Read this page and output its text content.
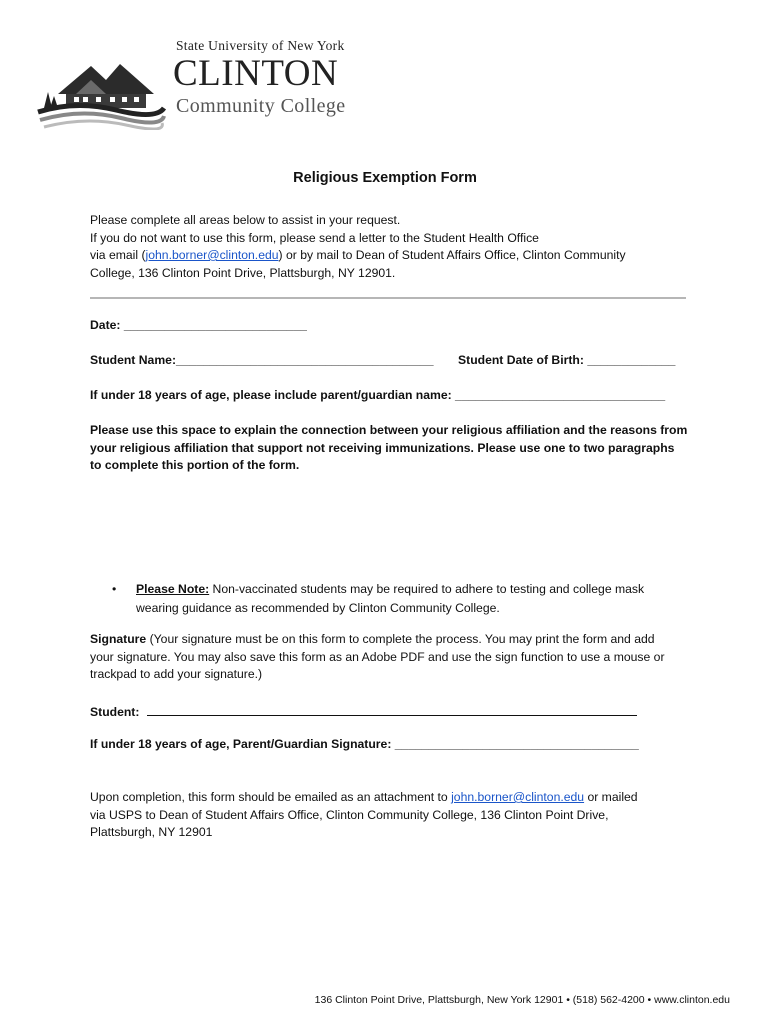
State University of New York
CLINTON
Community College
Religious Exemption Form

Please complete all areas below to assist in your request.

If you do not want to use this form, please send a letter to the Student Health Office

via email (john.borner@clinton.edu) or by mail to Dean of Student Affairs Office, Clinton Community

College, 136 Clinton Point Drive, Plattsburgh, NY 12901.

Date: ___________________________
Student Name:______________________________________ Student Date of Birth: _____________
If under 18 years of age, please include parent/guardian name: _______________________________

Please use this space to explain the connection between your religious affiliation and the reasons from

your religious affiliation that support not receiving immunizations. Please use one to two paragraphs

to complete this portion of the form.

• Please Note: Non-vaccinated students may be required to adhere to testing and college mask
wearing guidance as recommended by Clinton Community College.

Signature (Your signature must be on this form to complete the process. You may print the form and add

your signature. You may also save this form as an Adobe PDF and use the sign function to use a mouse or

trackpad to add your signature.)

Student:
If under 18 years of age, Parent/Guardian Signature: ____________________________________

Upon completion, this form should be emailed as an attachment to john.borner@clinton.edu or mailed

via USPS to Dean of Student Affairs Office, Clinton Community College, 136 Clinton Point Drive,

Plattsburgh, NY 12901

136 Clinton Point Drive, Plattsburgh, New York 12901 • (518) 562-4200 • www.clinton.edu
